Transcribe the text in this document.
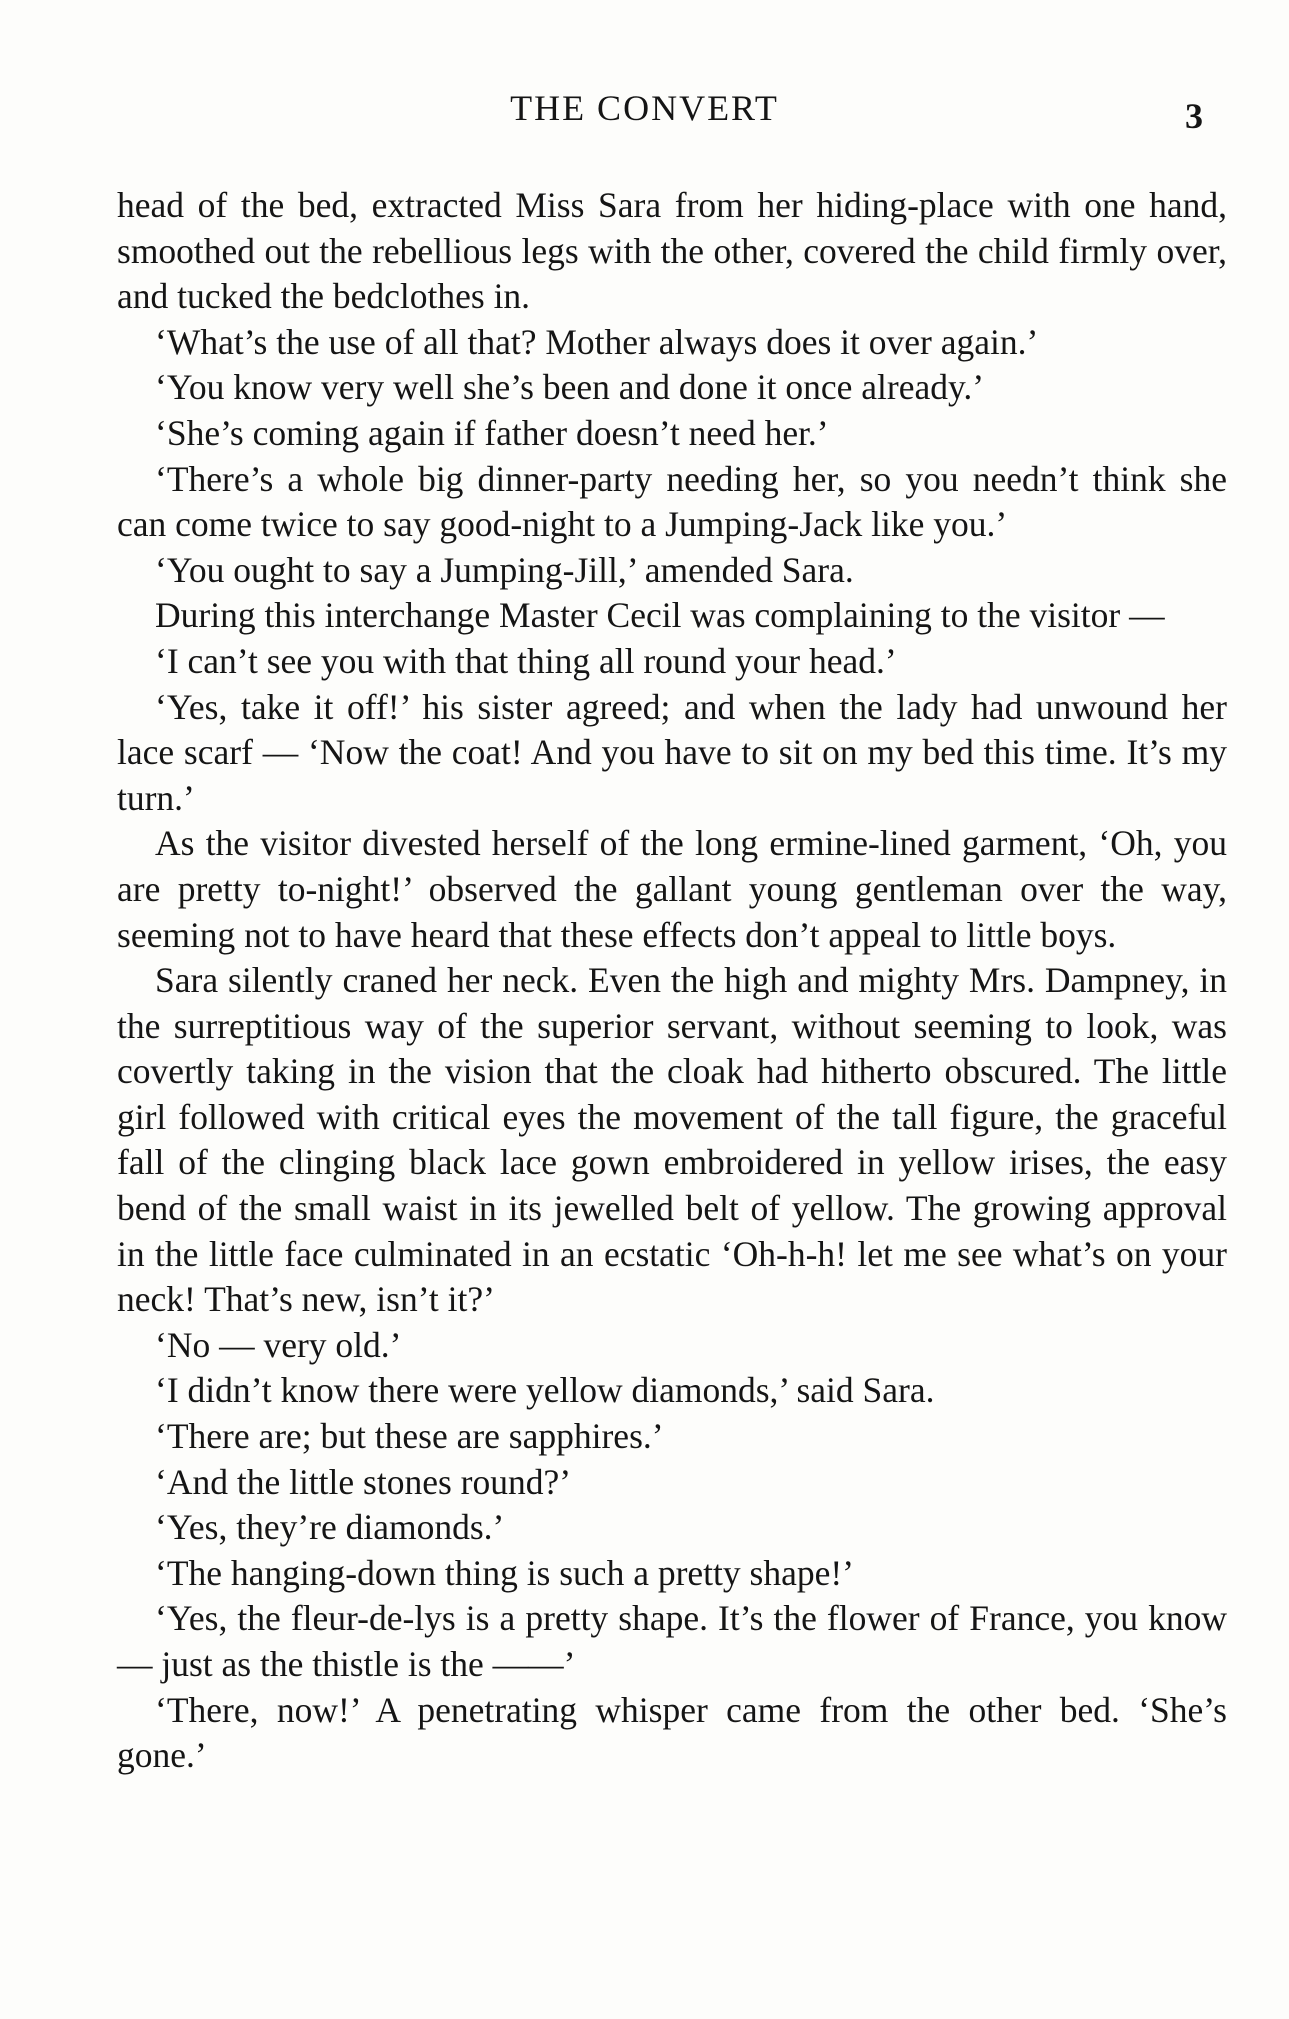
THE CONVERT	3

head of the bed, extracted Miss Sara from her hiding-place with one hand, smoothed out the rebellious legs with the other, covered the child firmly over, and tucked the bedclothes in.

‘What’s the use of all that? Mother always does it over again.’

‘You know very well she’s been and done it once already.’

‘She’s coming again if father doesn’t need her.’

‘There’s a whole big dinner-party needing her, so you needn’t think she can come twice to say good-night to a Jumping-Jack like you.’

‘You ought to say a Jumping-Jill,’ amended Sara.

During this interchange Master Cecil was complaining to the visitor —

‘I can’t see you with that thing all round your head.’

‘Yes, take it off!’ his sister agreed; and when the lady had unwound her lace scarf — ‘Now the coat! And you have to sit on my bed this time. It’s my turn.’

As the visitor divested herself of the long ermine-lined garment, ‘Oh, you are pretty to-night!’ observed the gallant young gentleman over the way, seeming not to have heard that these effects don’t appeal to little boys.

Sara silently craned her neck. Even the high and mighty Mrs. Dampney, in the surreptitious way of the superior servant, without seeming to look, was covertly taking in the vision that the cloak had hitherto obscured. The little girl followed with critical eyes the movement of the tall figure, the graceful fall of the clinging black lace gown embroidered in yellow irises, the easy bend of the small waist in its jewelled belt of yellow. The growing approval in the little face culminated in an ecstatic ‘Oh-h-h! let me see what’s on your neck! That’s new, isn’t it?’

‘No — very old.’

‘I didn’t know there were yellow diamonds,’ said Sara.

‘There are; but these are sapphires.’

‘And the little stones round?’

‘Yes, they’re diamonds.’

‘The hanging-down thing is such a pretty shape!’

‘Yes, the fleur-de-lys is a pretty shape. It’s the flower of France, you know — just as the thistle is the ——’

‘There, now!’ A penetrating whisper came from the other bed. ‘She’s gone.’
